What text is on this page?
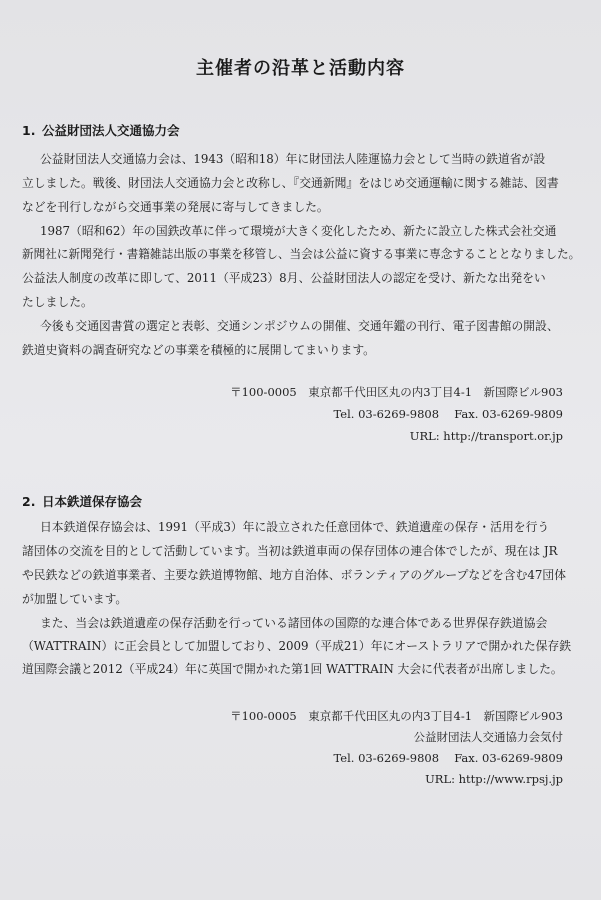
主催者の沿革と活動内容
1. 公益財団法人交通協力会
公益財団法人交通協力会は、1943（昭和18）年に財団法人陸運協力会として当時の鉄道省が設
立しました。戦後、財団法人交通協力会と改称し、『交通新聞』をはじめ交通運輸に関する雑誌、図書
などを刊行しながら交通事業の発展に寄与してきました。
1987（昭和62）年の国鉄改革に伴って環境が大きく変化したため、新たに設立した株式会社交通
新聞社に新聞発行・書籍雑誌出版の事業を移管し、当会は公益に資する事業に専念することとなりました。
公益法人制度の改革に即して、2011（平成23）8月、公益財団法人の認定を受け、新たな出発をい
たしました。
今後も交通図書賞の選定と表彰、交通シンポジウムの開催、交通年鑑の刊行、電子図書館の開設、
鉄道史資料の調査研究などの事業を積極的に展開してまいります。
〒100-0005　東京都千代田区丸の内3丁目4-1　新国際ビル903
Tel. 03-6269-9808　 Fax. 03-6269-9809
URL: http://transport.or.jp
2. 日本鉄道保存協会
日本鉄道保存協会は、1991（平成3）年に設立された任意団体で、鉄道遺産の保存・活用を行う
諸団体の交流を目的として活動しています。当初は鉄道車両の保存団体の連合体でしたが、現在は JR
や民鉄などの鉄道事業者、主要な鉄道博物館、地方自治体、ボランティアのグループなどを含む47団体
が加盟しています。
また、当会は鉄道遺産の保存活動を行っている諸団体の国際的な連合体である世界保存鉄道協会
（WATTRAIN）に正会員として加盟しており、2009（平成21）年にオーストラリアで開かれた保存鉄
道国際会議と2012（平成24）年に英国で開かれた第1回 WATTRAIN 大会に代表者が出席しました。
〒100-0005　東京都千代田区丸の内3丁目4-1　新国際ビル903
公益財団法人交通協力会気付
Tel. 03-6269-9808　 Fax. 03-6269-9809
URL: http://www.rpsj.jp
